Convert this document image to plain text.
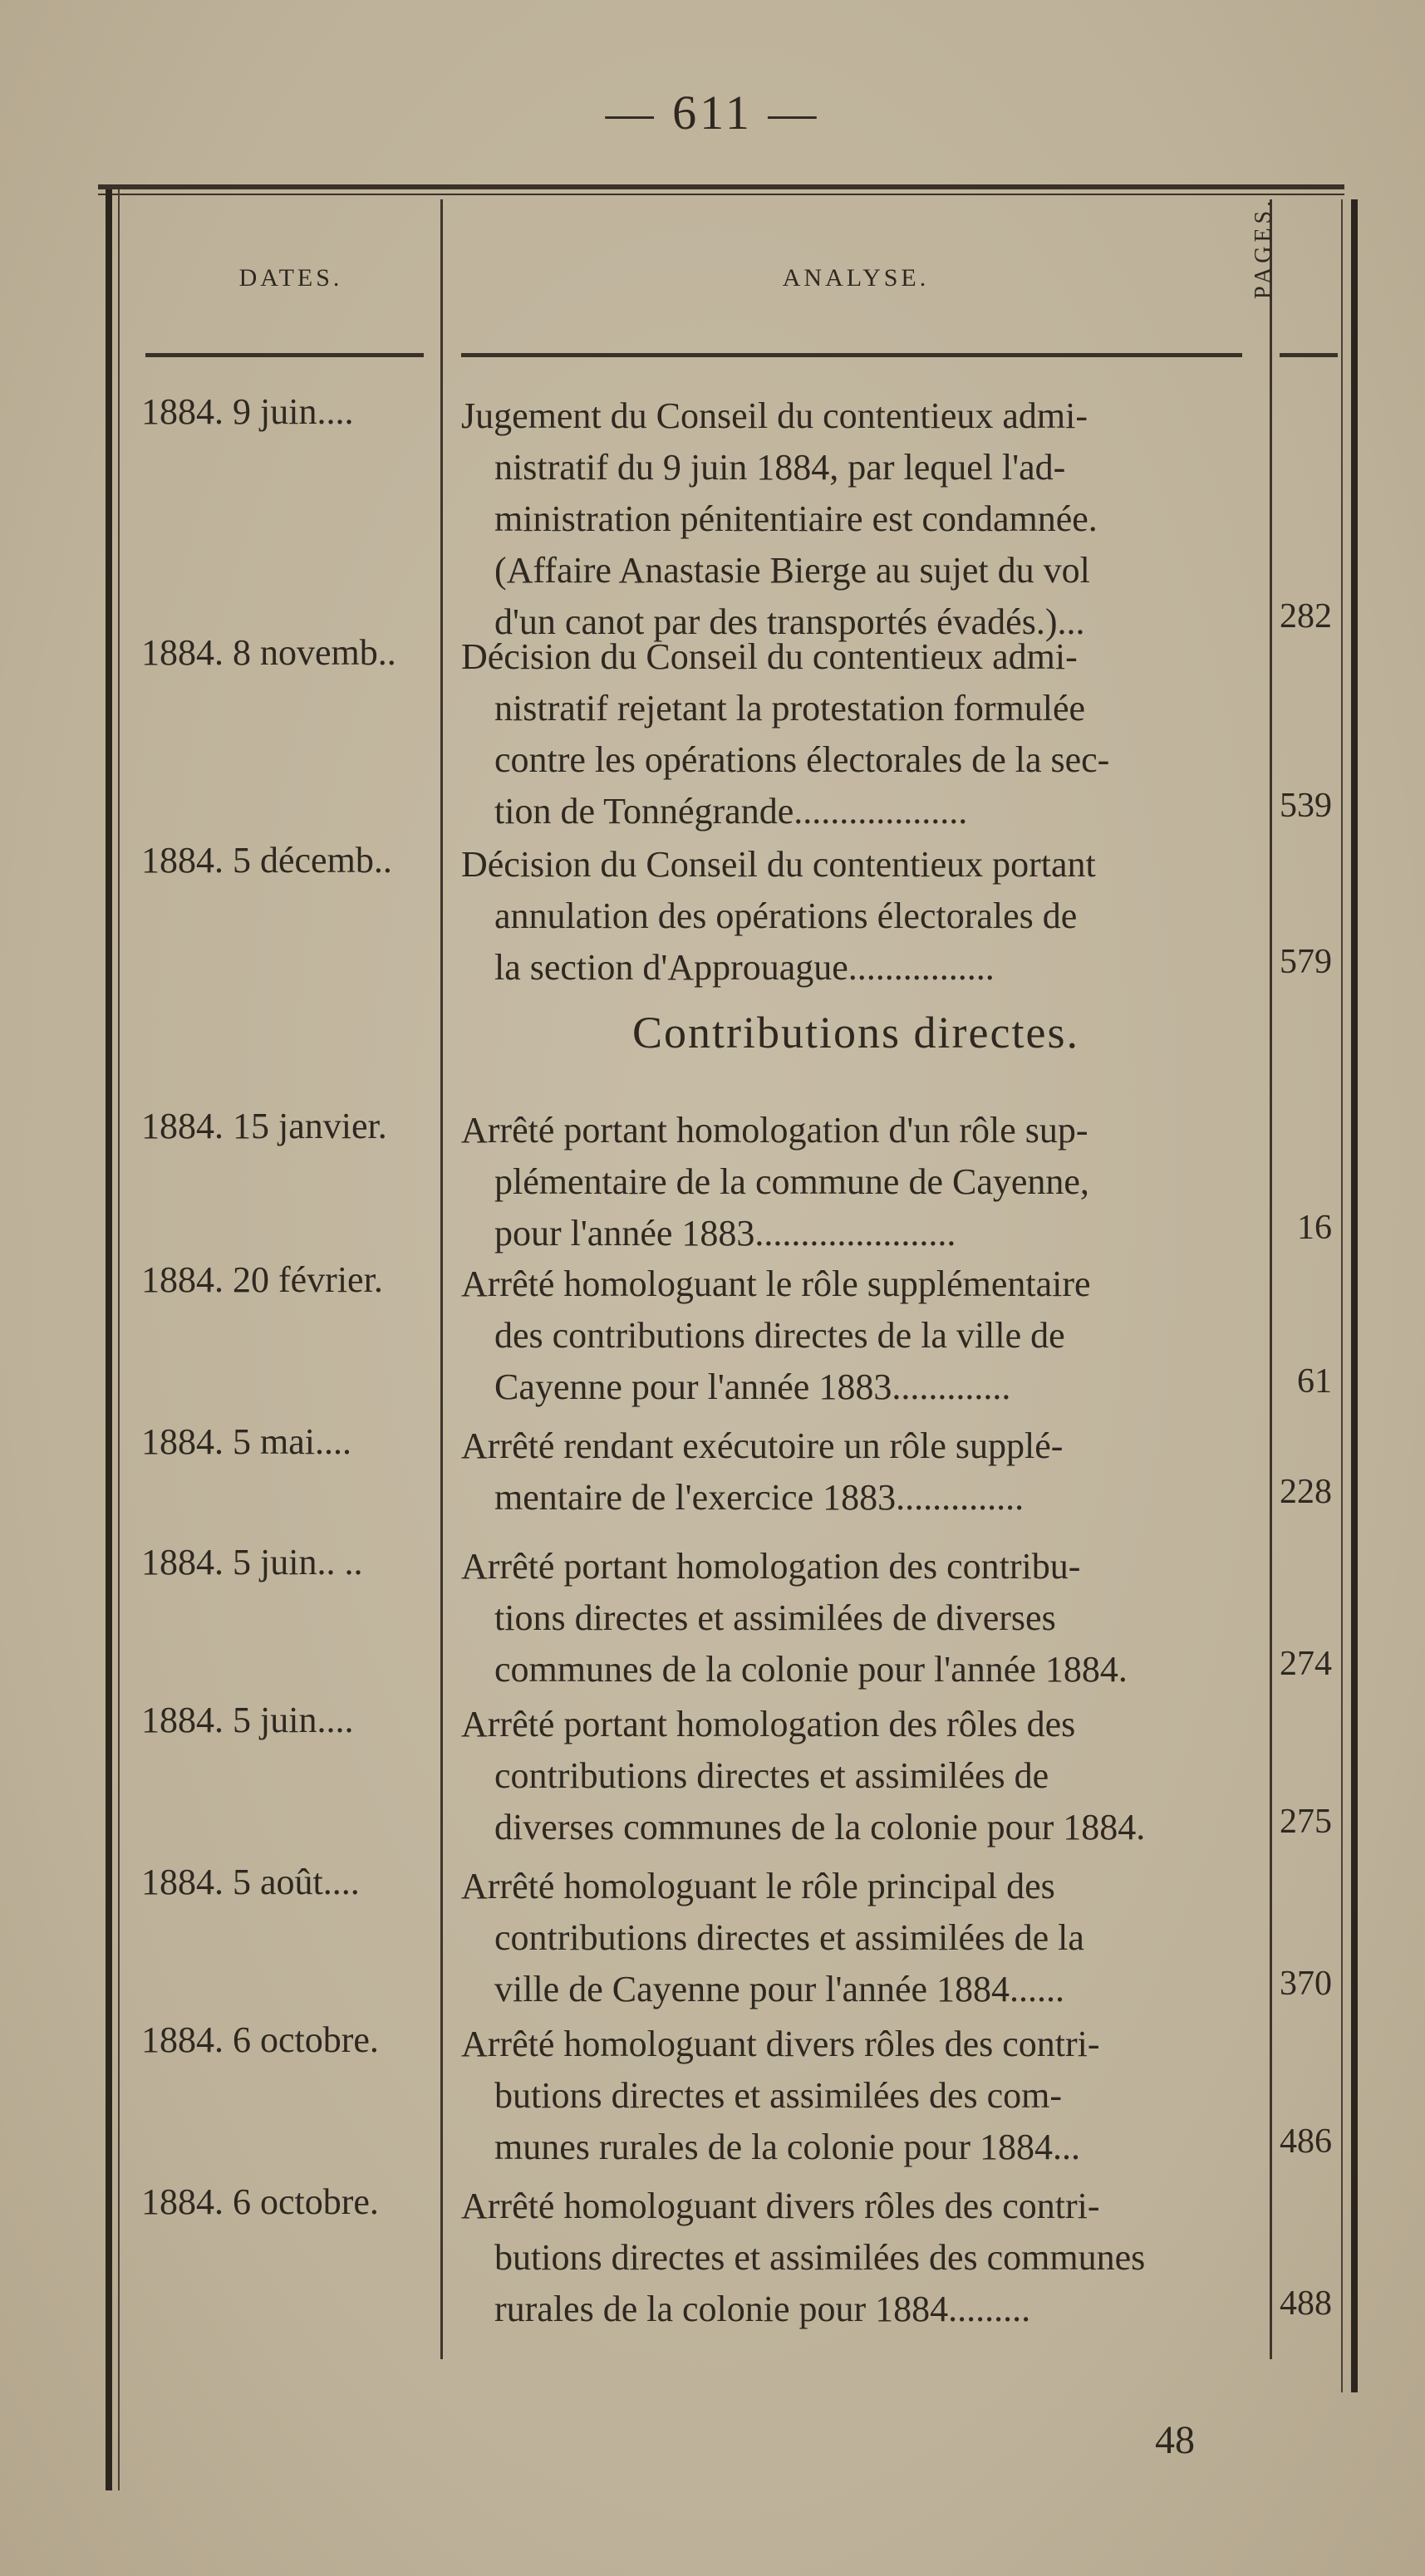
— 611 —
DATES.	ANALYSE.	PAGES.
1884. 9 juin....	Jugement du Conseil du contentieux admi-
nistratif du 9 juin 1884, par lequel l'ad-
ministration pénitentiaire est condamnée.
(Affaire Anastasie Bierge au sujet du vol
d'un canot par des transportés évadés.)...	282
1884. 8 novemb.. Décision du Conseil du contentieux admi-
nistratif rejetant la protestation formulée
contre les opérations électorales de la sec-
tion de Tonnégrande...................	539
1884. 5 décemb.. Décision du Conseil du contentieux portant
annulation des opérations électorales de
la section d'Approuague................	579
Contributions directes.
1884. 15 janvier. Arrêté portant homologation d'un rôle sup-
plémentaire de la commune de Cayenne,
pour l'année 1883......................	16
1884. 20 février. Arrêté homologuant le rôle supplémentaire
des contributions directes de la ville de
Cayenne pour l'année 1883.............	61
1884. 5 mai....	Arrêté rendant exécutoire un rôle supplé-
mentaire de l'exercice 1883..............	228
1884. 5 juin.. ..	Arrêté portant homologation des contribu-
tions directes et assimilées de diverses
communes de la colonie pour l'année 1884.	274
1884. 5 juin....	Arrêté portant homologation des rôles des
contributions directes et assimilées de
diverses communes de la colonie pour 1884.	275
1884. 5 août....	Arrêté homologuant le rôle principal des
contributions directes et assimilées de la
ville de Cayenne pour l'année 1884......	370
1884. 6 octobre. Arrêté homologuant divers rôles des contri-
butions directes et assimilées des com-
munes rurales de la colonie pour 1884...	486
1884. 6 octobre. Arrêté homologuant divers rôles des contri-
butions directes et assimilées des communes
rurales de la colonie pour 1884.........	488
48
